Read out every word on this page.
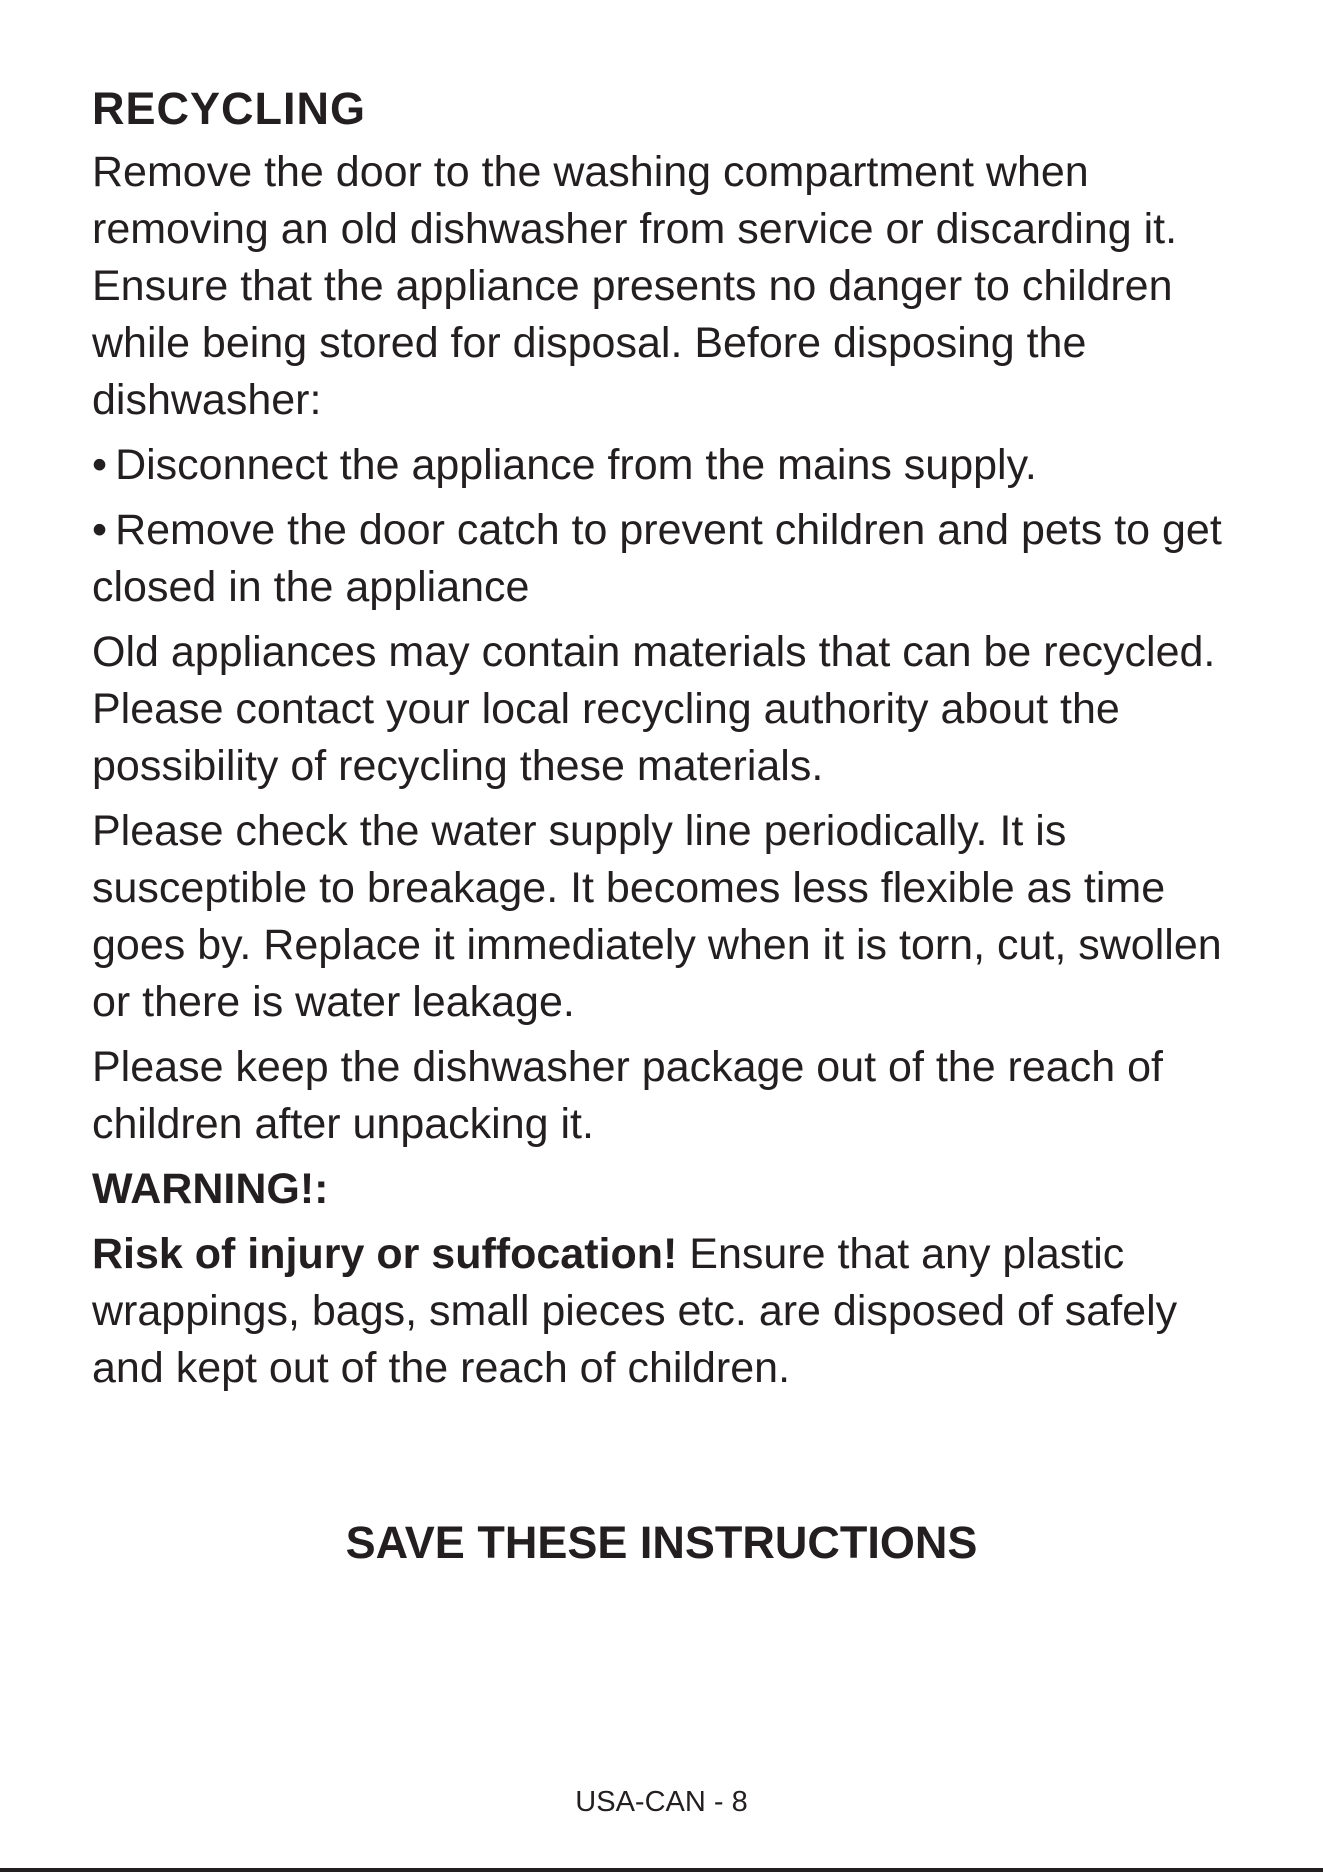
RECYCLING

Remove the door to the washing compartment when removing an old dishwasher from service or discarding it. Ensure that the appliance presents no danger to children while being stored for disposal. Before disposing the dishwasher:

• Disconnect the appliance from the mains supply.

• Remove the door catch to prevent children and pets to get closed in the appliance

Old appliances may contain materials that can be recycled. Please contact your local recycling authority about the possibility of recycling these materials.

Please check the water supply line periodically. It is susceptible to breakage. It becomes less flexible as time goes by. Replace it immediately when it is torn, cut, swollen or there is water leakage.

Please keep the dishwasher package out of the reach of children after unpacking it.

WARNING!:

Risk of injury or suffocation! Ensure that any plastic wrappings, bags, small pieces etc. are disposed of safely and kept out of the reach of children.

SAVE THESE INSTRUCTIONS

USA-CAN - 8
